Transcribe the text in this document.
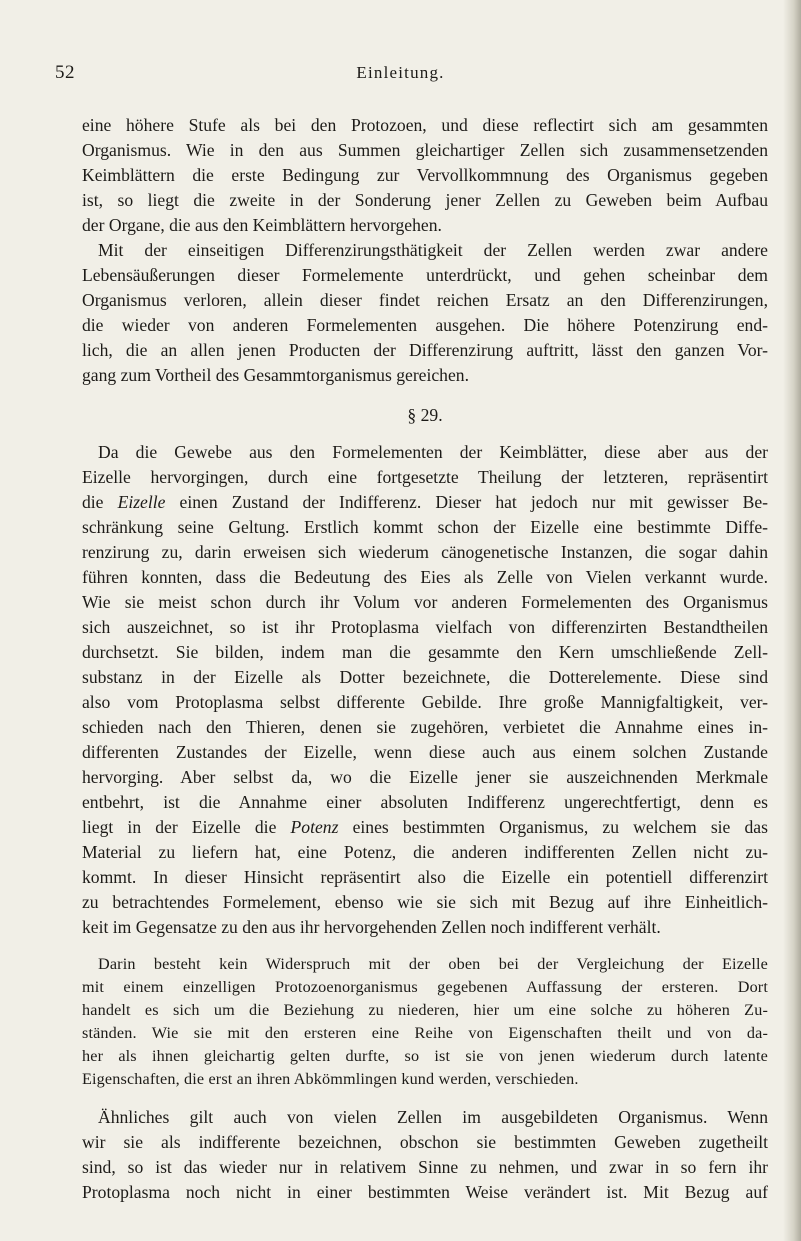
52	Einleitung.
eine höhere Stufe als bei den Protozoen, und diese reflectirt sich am gesammten
Organismus. Wie in den aus Summen gleichartiger Zellen sich zusammensetzenden
Keimblättern die erste Bedingung zur Vervollkommnung des Organismus gegeben
ist, so liegt die zweite in der Sonderung jener Zellen zu Geweben beim Aufbau
der Organe, die aus den Keimblättern hervorgehen.
Mit der einseitigen Differenzirungsthätigkeit der Zellen werden zwar andere
Lebensäußerungen dieser Formelemente unterdrückt, und gehen scheinbar dem
Organismus verloren, allein dieser findet reichen Ersatz an den Differenzirungen,
die wieder von anderen Formelementen ausgehen. Die höhere Potenzirung end-
lich, die an allen jenen Producten der Differenzirung auftritt, lässt den ganzen Vor-
gang zum Vortheil des Gesammtorganismus gereichen.
§ 29.
Da die Gewebe aus den Formelementen der Keimblätter, diese aber aus der
Eizelle hervorgingen, durch eine fortgesetzte Theilung der letzteren, repräsentirt
die Eizelle einen Zustand der Indifferenz. Dieser hat jedoch nur mit gewisser Be-
schränkung seine Geltung. Erstlich kommt schon der Eizelle eine bestimmte Diffe-
renzirung zu, darin erweisen sich wiederum cänogenetische Instanzen, die sogar dahin
führen konnten, dass die Bedeutung des Eies als Zelle von Vielen verkannt wurde.
Wie sie meist schon durch ihr Volum vor anderen Formelementen des Organismus
sich auszeichnet, so ist ihr Protoplasma vielfach von differenzirten Bestandtheilen
durchsetzt. Sie bilden, indem man die gesammte den Kern umschließende Zell-
substanz in der Eizelle als Dotter bezeichnete, die Dotterelemente. Diese sind
also vom Protoplasma selbst differente Gebilde. Ihre große Mannigfaltigkeit, ver-
schieden nach den Thieren, denen sie zugehören, verbietet die Annahme eines in-
differenten Zustandes der Eizelle, wenn diese auch aus einem solchen Zustande
hervorging. Aber selbst da, wo die Eizelle jener sie auszeichnenden Merkmale
entbehrt, ist die Annahme einer absoluten Indifferenz ungerechtfertigt, denn es
liegt in der Eizelle die Potenz eines bestimmten Organismus, zu welchem sie das
Material zu liefern hat, eine Potenz, die anderen indifferenten Zellen nicht zu-
kommt. In dieser Hinsicht repräsentirt also die Eizelle ein potentiell differenzirt
zu betrachtendes Formelement, ebenso wie sie sich mit Bezug auf ihre Einheitlich-
keit im Gegensatze zu den aus ihr hervorgehenden Zellen noch indifferent verhält.
Darin besteht kein Widerspruch mit der oben bei der Vergleichung der Eizelle
mit einem einzelligen Protozoenorganismus gegebenen Auffassung der ersteren. Dort
handelt es sich um die Beziehung zu niederen, hier um eine solche zu höheren Zu-
ständen. Wie sie mit den ersteren eine Reihe von Eigenschaften theilt und von da-
her als ihnen gleichartig gelten durfte, so ist sie von jenen wiederum durch latente
Eigenschaften, die erst an ihren Abkömmlingen kund werden, verschieden.
Ähnliches gilt auch von vielen Zellen im ausgebildeten Organismus. Wenn
wir sie als indifferente bezeichnen, obschon sie bestimmten Geweben zugetheilt
sind, so ist das wieder nur in relativem Sinne zu nehmen, und zwar in so fern ihr
Protoplasma noch nicht in einer bestimmten Weise verändert ist. Mit Bezug auf
